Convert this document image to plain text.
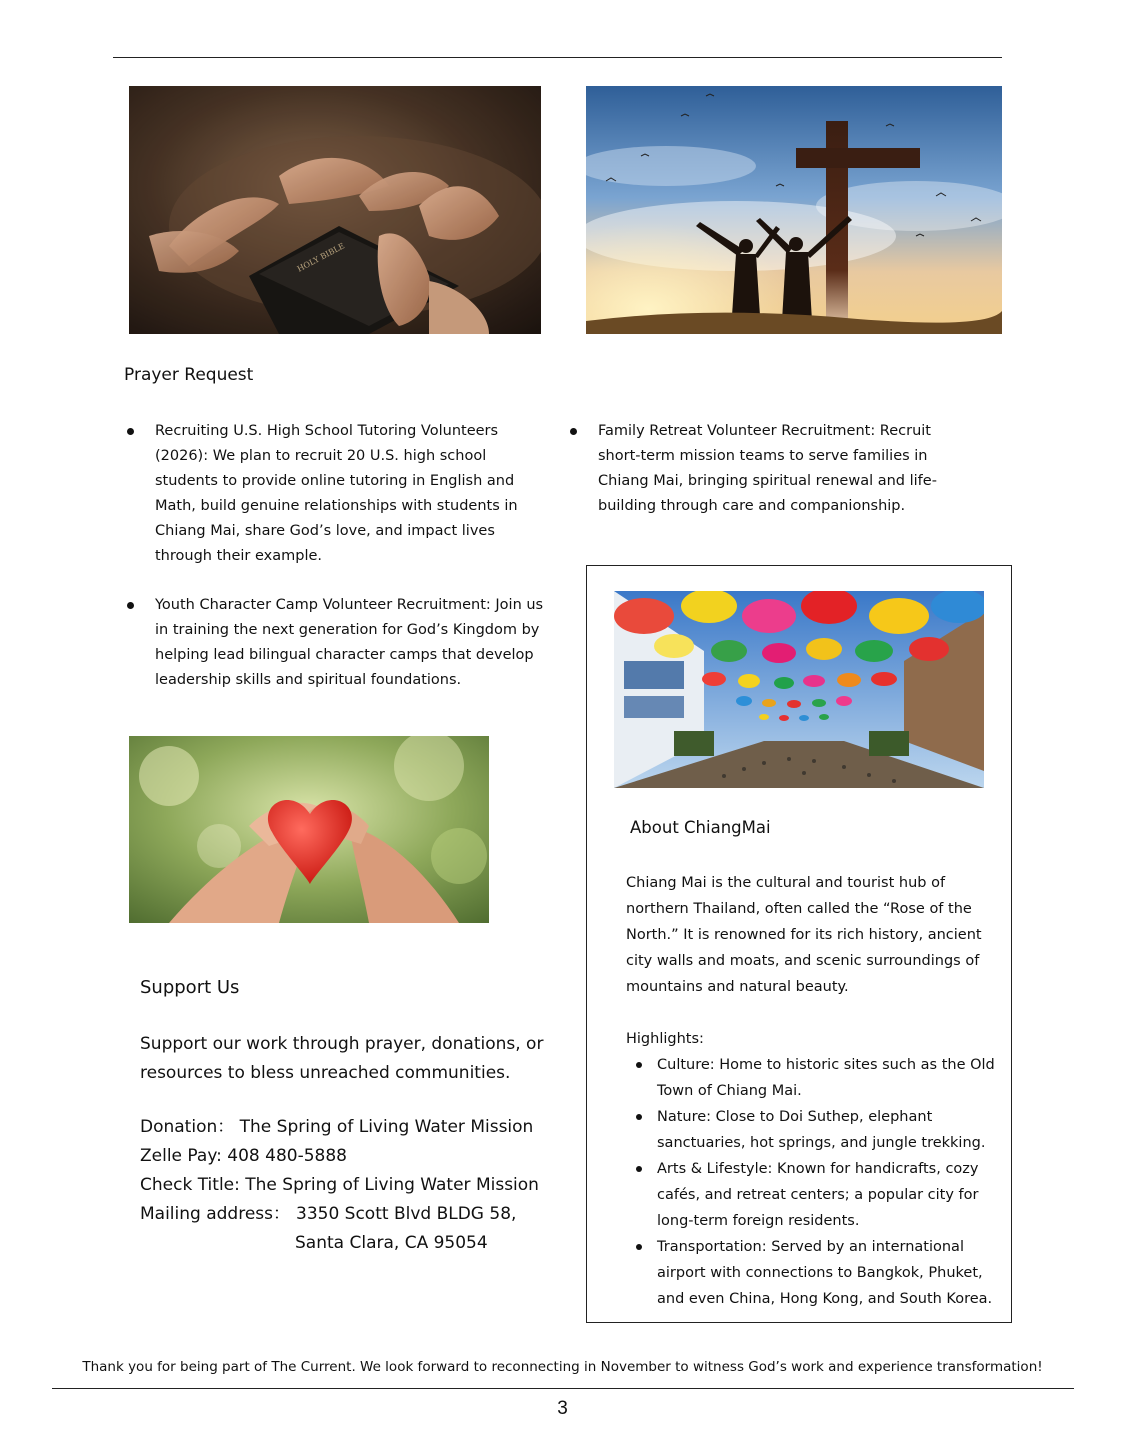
HOLY BIBLE
Prayer Request
Recruiting U.S. High School Tutoring Volunteers (2026): We plan to recruit 20 U.S. high school students to provide online tutoring in English and Math, build genuine relationships with students in Chiang Mai, share God’s love, and impact lives through their example.
Youth Character Camp Volunteer Recruitment: Join us in training the next generation for God’s Kingdom by helping lead bilingual character camps that develop leadership skills and spiritual foundations.
Family Retreat Volunteer Recruitment: Recruit short-term mission teams to serve families in Chiang Mai, bringing spiritual renewal and life-building through care and companionship.
Support Us
Support our work through prayer, donations, or resources to bless unreached communities.
Donation： The Spring of Living Water Mission
Zelle Pay: 408 480-5888
Check Title: The Spring of Living Water Mission
Mailing address： 3350 Scott Blvd BLDG 58,
Santa Clara, CA 95054
About ChiangMai
Chiang Mai is the cultural and tourist hub of northern Thailand, often called the “Rose of the North.” It is renowned for its rich history, ancient city walls and moats, and scenic surroundings of mountains and natural beauty.
Highlights:
Culture: Home to historic sites such as the Old Town of Chiang Mai.
Nature: Close to Doi Suthep, elephant sanctuaries, hot springs, and jungle trekking.
Arts & Lifestyle: Known for handicrafts, cozy cafés, and retreat centers; a popular city for long-term foreign residents.
Transportation: Served by an international airport with connections to Bangkok, Phuket, and even China, Hong Kong, and South Korea.
Thank you for being part of The Current. We look forward to reconnecting in November to witness God’s work and experience transformation!
3
